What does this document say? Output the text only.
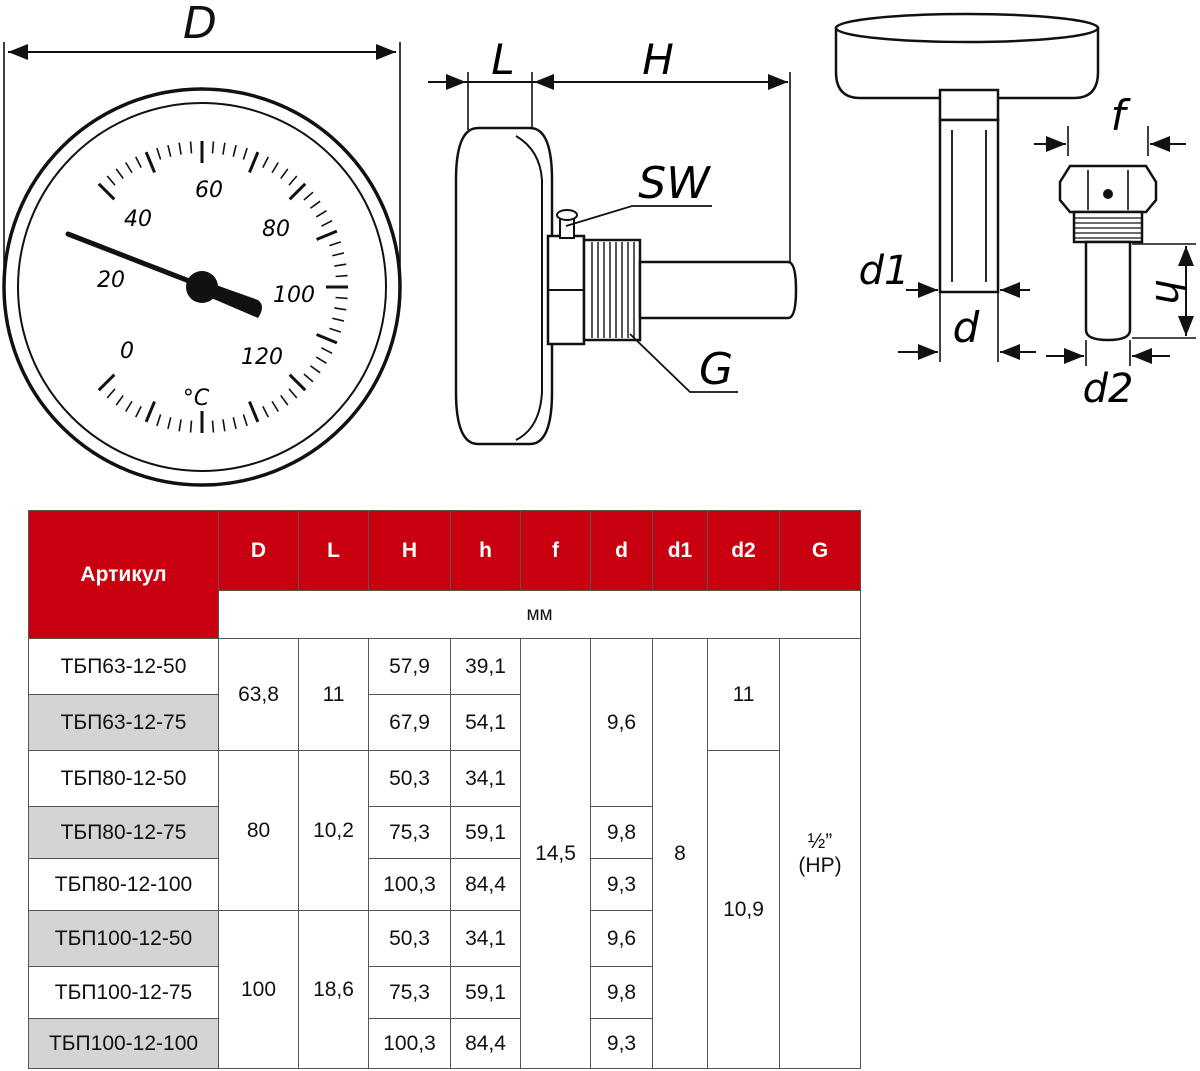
D
0
20
40
60
80
100
120
°C
L	H
SW
G
d1
d
f
h
d2
Артикул	D	L	H	h	f	d	d1	d2	G
	мм								
ТБП63-12-50	63,8	11	57,9	39,1	14,5	9,6	8	11	½”
(НР)
ТБП63-12-75			67,9	54,1					
ТБП80-12-50	80	10,2	50,3	34,1				10,9	
ТБП80-12-75			75,3	59,1		9,8			
ТБП80-12-100			100,3	84,4		9,3			
ТБП100-12-50	100	18,6	50,3	34,1		9,6			
ТБП100-12-75			75,3	59,1		9,8			
ТБП100-12-100			100,3	84,4		9,3			
